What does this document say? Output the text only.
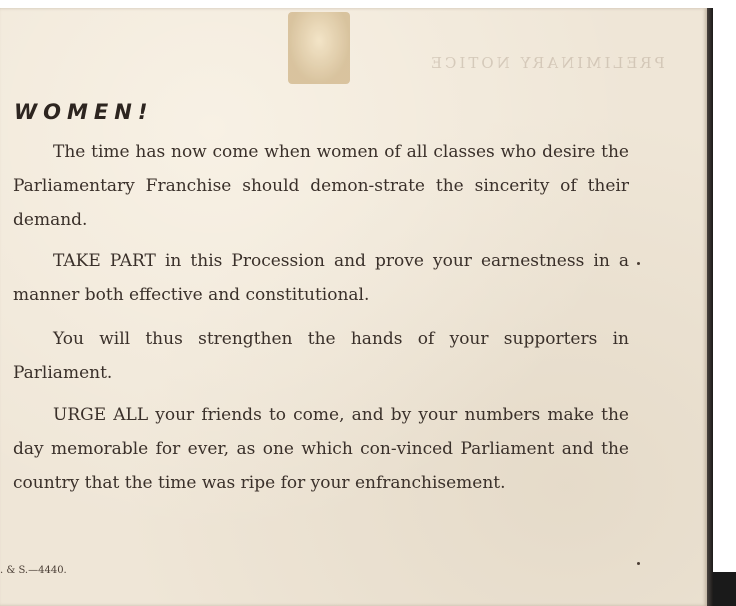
PRELIMINARY NOTICE
WOMEN!
The time has now come when women of all classes who desire the Parliamentary Franchise should demon-strate the sincerity of their demand.
TAKE PART in this Procession and prove your earnestness in a manner both effective and constitutional.
You will thus strengthen the hands of your supporters in Parliament.
URGE ALL your friends to come, and by your numbers make the day memorable for ever, as one which con-vinced Parliament and the country that the time was ripe for your enfranchisement.
. & S.—4440.
